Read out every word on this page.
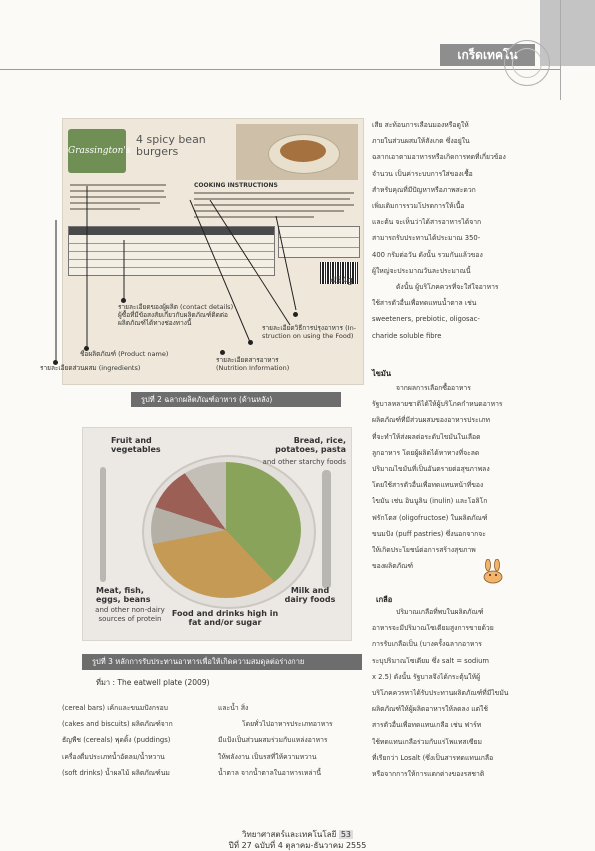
เกร็ดเทคโน
Grassington's
4 spicy bean burgers
COOKING INSTRUCTIONS
454g
รายละเอียดของผู้ผลิต (contact details)
ผู้ซื้อที่มีข้อสงสัยเกี่ยวกับผลิตภัณฑ์ติดต่อ
ผลิตภัณฑ์ได้ทางช่องทางนี้
ชื่อผลิตภัณฑ์ (Product name)
รายละเอียดส่วนผสม (ingredients)
รายละเอียดวิธีการปรุงอาหาร (In-
struction on using the Food)
รายละเอียดสารอาหาร
(Nutrition Information)
รูปที่ 2 ฉลากผลิตภัณฑ์อาหาร (ด้านหลัง)
Fruit and vegetables
Bread, rice, potatoes, pasta
and other starchy foods
Meat, fish, eggs, beans
and other non-dairy sources of protein
Food and drinks high in fat and/or sugar
Milk and dairy foods
รูปที่ 3 หลักการรับประทานอาหารเพื่อให้เกิดความสมดุลต่อร่างกาย
ที่มา : The eatwell plate (2009)
เสีย สะท้อนการเลือนมองหรือดูให้
ภายในส่วนผสมให้สังเกต ซึ่งอยู่ใน
ฉลากเอาตามอาหารหรือเกิดการทดที่เกี่ยวข้อง
จำนวน เป็นค่าระบบการใส่ของเชื้อ
สำหรับคุณที่มีปัญหาหรือภาพสะดวก
เพิ่มเติมการรวมโปรดการให้เนื้อ
และต้น จะเห็นว่าได้สารอาหารได้จาก
สามารถรับประทานได้ประมาณ 350-
400 กรัมต่อวัน ดังนั้น รวมกันแล้วของ
ผู้ใหญ่จะประมาณวันละประมาณนี้
ดังนั้น ผู้บริโภคควรที่จะใส่ใจอาหาร
ใช้สารตัวอื่นเพื่อทดแทนน้ำตาล เช่น
sweeteners, prebiotic, oligosac-
charide soluble fibre
ไขมัน
จากผลการเลือกซื้ออาหาร
รัฐบาลหลายชาติได้ให้ผู้บริโภคกำหนดอาหาร
ผลิตภัณฑ์ที่มีส่วนผสมของอาหารประเภท
ที่จะทำให้ส่งผลต่อระดับไขมันในเลือด
ลูกอาหาร โดยผู้ผลิตได้หาทางที่จะลด
ปริมาณไขมันที่เป็นอันตรายต่อสุขภาพลง
โดยใช้สารตัวอื่นเพื่อทดแทนหน้าที่ของ
ไขมัน เช่น อินนูลิน (inulin) และโอลิโก
ฟรักโตส (oligofructose) ในผลิตภัณฑ์
ขนมปัง (puff pastries) ซึ่งนอกจากจะ
ให้เกิดประโยชน์ต่อการสร้างสุขภาพ
ของผลิตภัณฑ์
เกลือ
ปริมาณเกลือที่พบในผลิตภัณฑ์
อาหารจะมีปริมาณโซเดียมสูงการขายด้วย
การรับเกลือเป็น (บางครั้งฉลากอาหาร
ระบุปริมาณโซเดียม ซึ่ง salt = sodium
x 2.5) ดังนั้น รัฐบาลจึงได้กระตุ้นให้ผู้
บริโภคควรหาได้รับประทานผลิตภัณฑ์ที่มีไขมัน
ผลิตภัณฑ์ให้ผู้ผลิตอาหารให้ลดลง แต่ใช้
สารตัวอื่นเพื่อทดแทนเกลือ เช่น ฟาร์ท
ใช้ทดแทนเกลือร่วมกับแร่โพแทสเซียม
ที่เรียกว่า Losalt (ซึ่งเป็นสารทดแทนเกลือ
หรือจากการให้การแตกต่างของรสชาติ
(cereal bars) เค้กและขนมปังกรอบ
(cakes and biscuits) ผลิตภัณฑ์จาก
ธัญพืช (cereals) พุดดิ้ง (puddings)
เครื่องดื่มประเภทน้ำอัดลม/น้ำหวาน
(soft drinks) น้ำผลไม้ ผลิตภัณฑ์นม
และน้ำ สิ่ง
โดยทั่วไปอาหารประเภทอาหาร
มีแป้งเป็นส่วนผสมร่วมกับแหล่งอาหาร
ให้พลังงาน เป็นรสที่ให้ความหวาน
น้ำตาล จากน้ำตาลในอาหารเหล่านี้
วิทยาศาสตร์และเทคโนโลยี 53
ปีที่ 27 ฉบับที่ 4 ตุลาคม-ธันวาคม 2555
